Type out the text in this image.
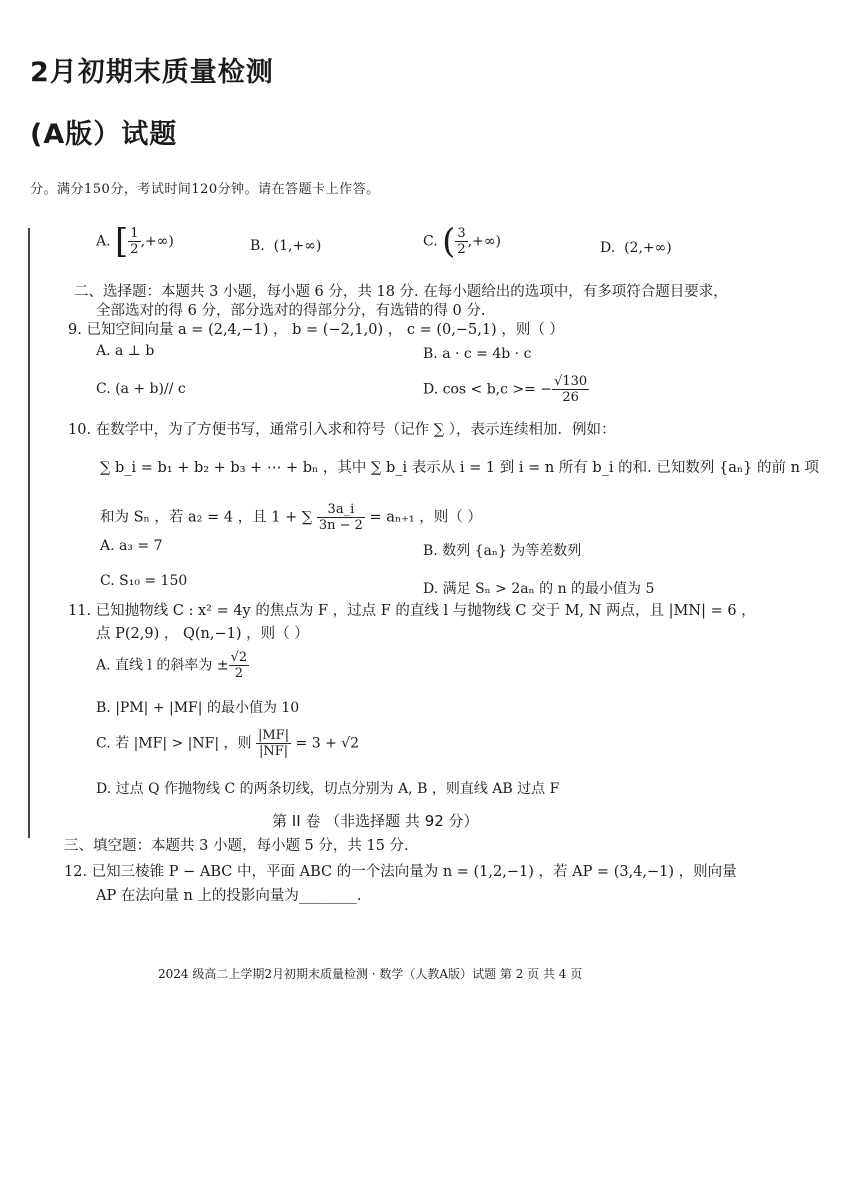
2月初期末质量检测
(A版）试题
分。满分150分，考试时间120分钟。请在答题卡上作答。
A. [ $\frac{1}{2}$ ,+∞)	B. (1,+∞)	C. ( $\frac{3}{2}$ ,+∞)	D. (2,+∞)
二、选择题：本题共 3 小题，每小题 6 分，共 18 分. 在每小题给出的选项中，有多项符合题目要求，
全部选对的得 6 分，部分选对的得部分分，有选错的得 0 分.
9. 已知空间向量 a = (2,4,−1) ， b = (−2,1,0) ， c = (0,−5,1) ，则（ ）
A. a ⊥ b	B. a · c = 4b · c
C. (a + b)// c	D. cos < b,c >= − $\frac{√130}{26}$
10. 在数学中，为了方便书写，通常引入求和符号（记作 ∑ ），表示连续相加．例如：
∑ b_i = b₁ + b₂ + b₃ + ⋯ + bₙ ，其中 ∑ b_i 表示从 i = 1 到 i = n 所有 b_i 的和. 已知数列 {aₙ} 的前 n 项
和为 Sₙ ，若 a₂ = 4 ，且 1 + ∑ $\frac{3a\_i}{3n - 2} = a_{n+1}$ ，则（ ）
A. a₃ = 7	B. 数列 {aₙ} 为等差数列
C. S₁₀ = 150	D. 满足 Sₙ > 2aₙ 的 n 的最小值为 5
11. 已知抛物线 C : x² = 4y 的焦点为 F ，过点 F 的直线 l 与抛物线 C 交于 M, N 两点，且 |MN| = 6 ，
点 P(2,9) ， Q(n,−1) ，则（ ）
A. 直线 l 的斜率为 ± $\frac{√2}{2}$
B. |PM| + |MF| 的最小值为 10
C. 若 |MF| > |NF| ，则 $\frac{|MF|}{|NF|} = 3 + √2$
D. 过点 Q 作抛物线 C 的两条切线，切点分别为 A, B ，则直线 AB 过点 F
第 II 卷 （非选择题 共 92 分）
三、填空题：本题共 3 小题，每小题 5 分，共 15 分.
12. 已知三棱锥 P − ABC 中，平面 ABC 的一个法向量为 n = (1,2,−1) ，若 AP = (3,4,−1) ，则向量
AP 在法向量 n 上的投影向量为________.
2024 级高二上学期2月初期末质量检测 · 数学（人教A版）试题 第 2 页 共 4 页
